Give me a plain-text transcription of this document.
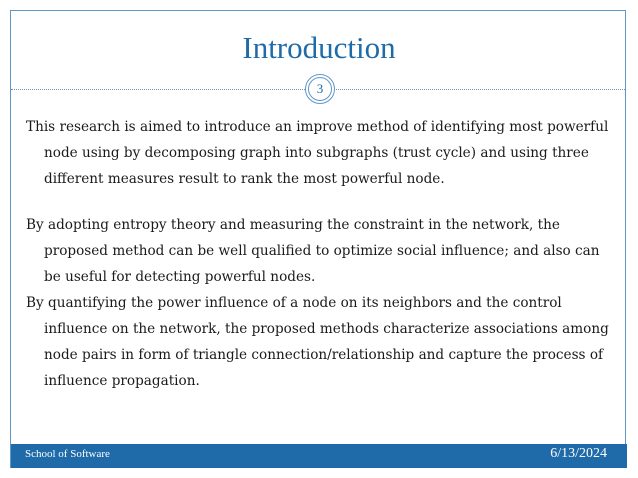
Introduction
3

This research is aimed to introduce an improve method of identifying most powerful node using by decomposing graph into subgraphs (trust cycle) and using three different measures result to rank the most powerful node.

By adopting entropy theory and measuring the constraint in the network, the proposed method can be well qualified to optimize social influence; and also can be useful for detecting powerful nodes.

By quantifying the power influence of a node on its neighbors and the control influence on the network, the proposed methods characterize associations among node pairs in form of triangle connection/relationship and capture the process of influence propagation.

School of Software	6/13/2024
